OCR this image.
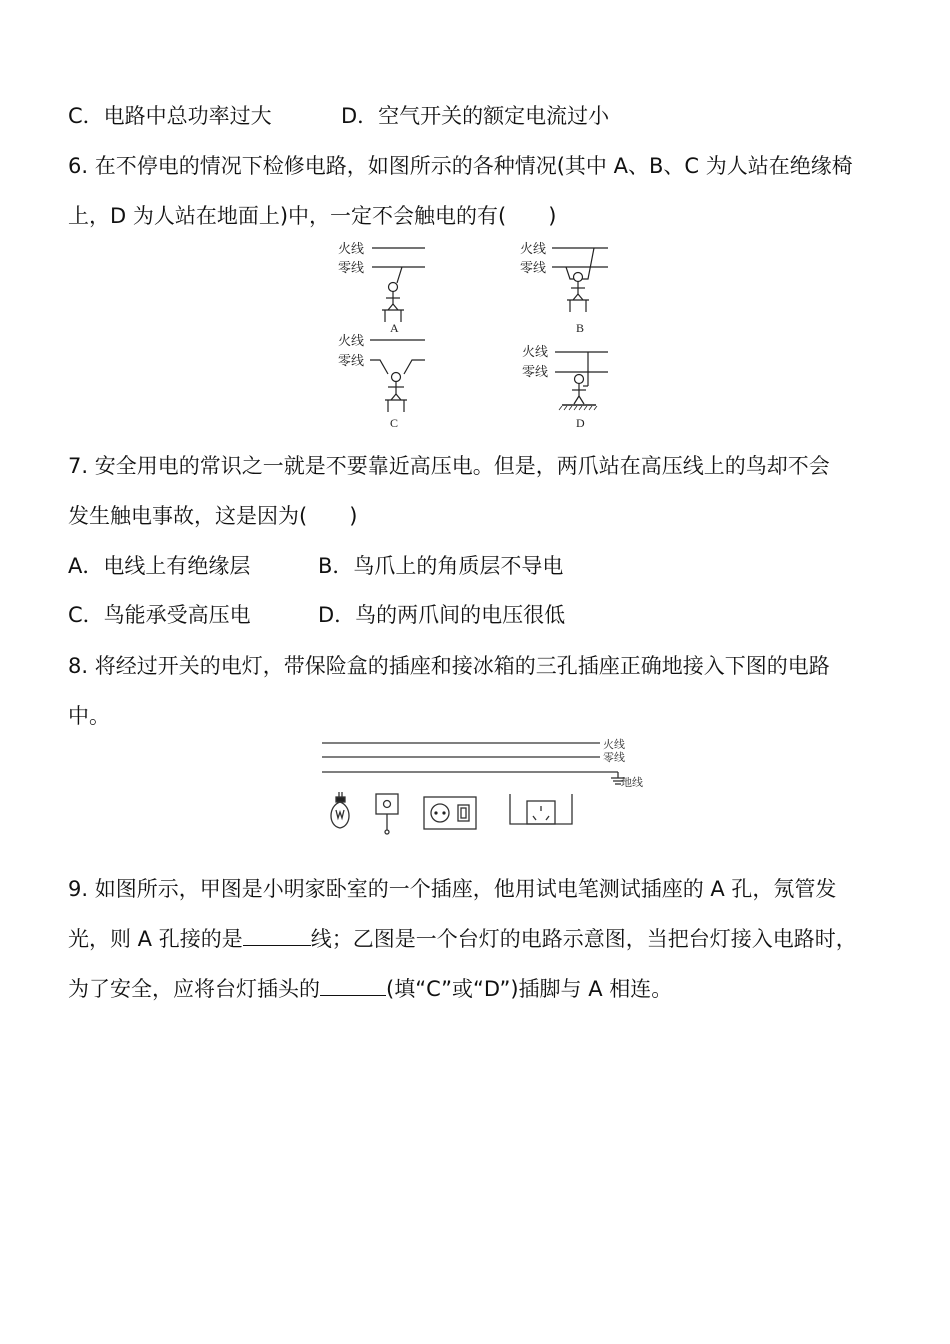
C．电路中总功率过大	D．空气开关的额定电流过小
6. 在不停电的情况下检修电路，如图所示的各种情况(其中 A、B、C 为人站在绝缘椅
上，D 为人站在地面上)中，一定不会触电的有(　　)
火线
零线
A
火线
零线
B
火线
零线
C
火线
零线
D
7. 安全用电的常识之一就是不要靠近高压电。但是，两爪站在高压线上的鸟却不会
发生触电事故，这是因为(　　)
A．电线上有绝缘层	B．鸟爪上的角质层不导电
C．鸟能承受高压电	D．鸟的两爪间的电压很低
8. 将经过开关的电灯，带保险盒的插座和接冰箱的三孔插座正确地接入下图的电路
中。
火线
零线
地线
9. 如图所示，甲图是小明家卧室的一个插座，他用试电笔测试插座的 A 孔，氖管发
光，则 A 孔接的是	线；乙图是一个台灯的电路示意图，当把台灯接入电路时，
为了安全，应将台灯插头的	(填“C”或“D”)插脚与 A 相连。
